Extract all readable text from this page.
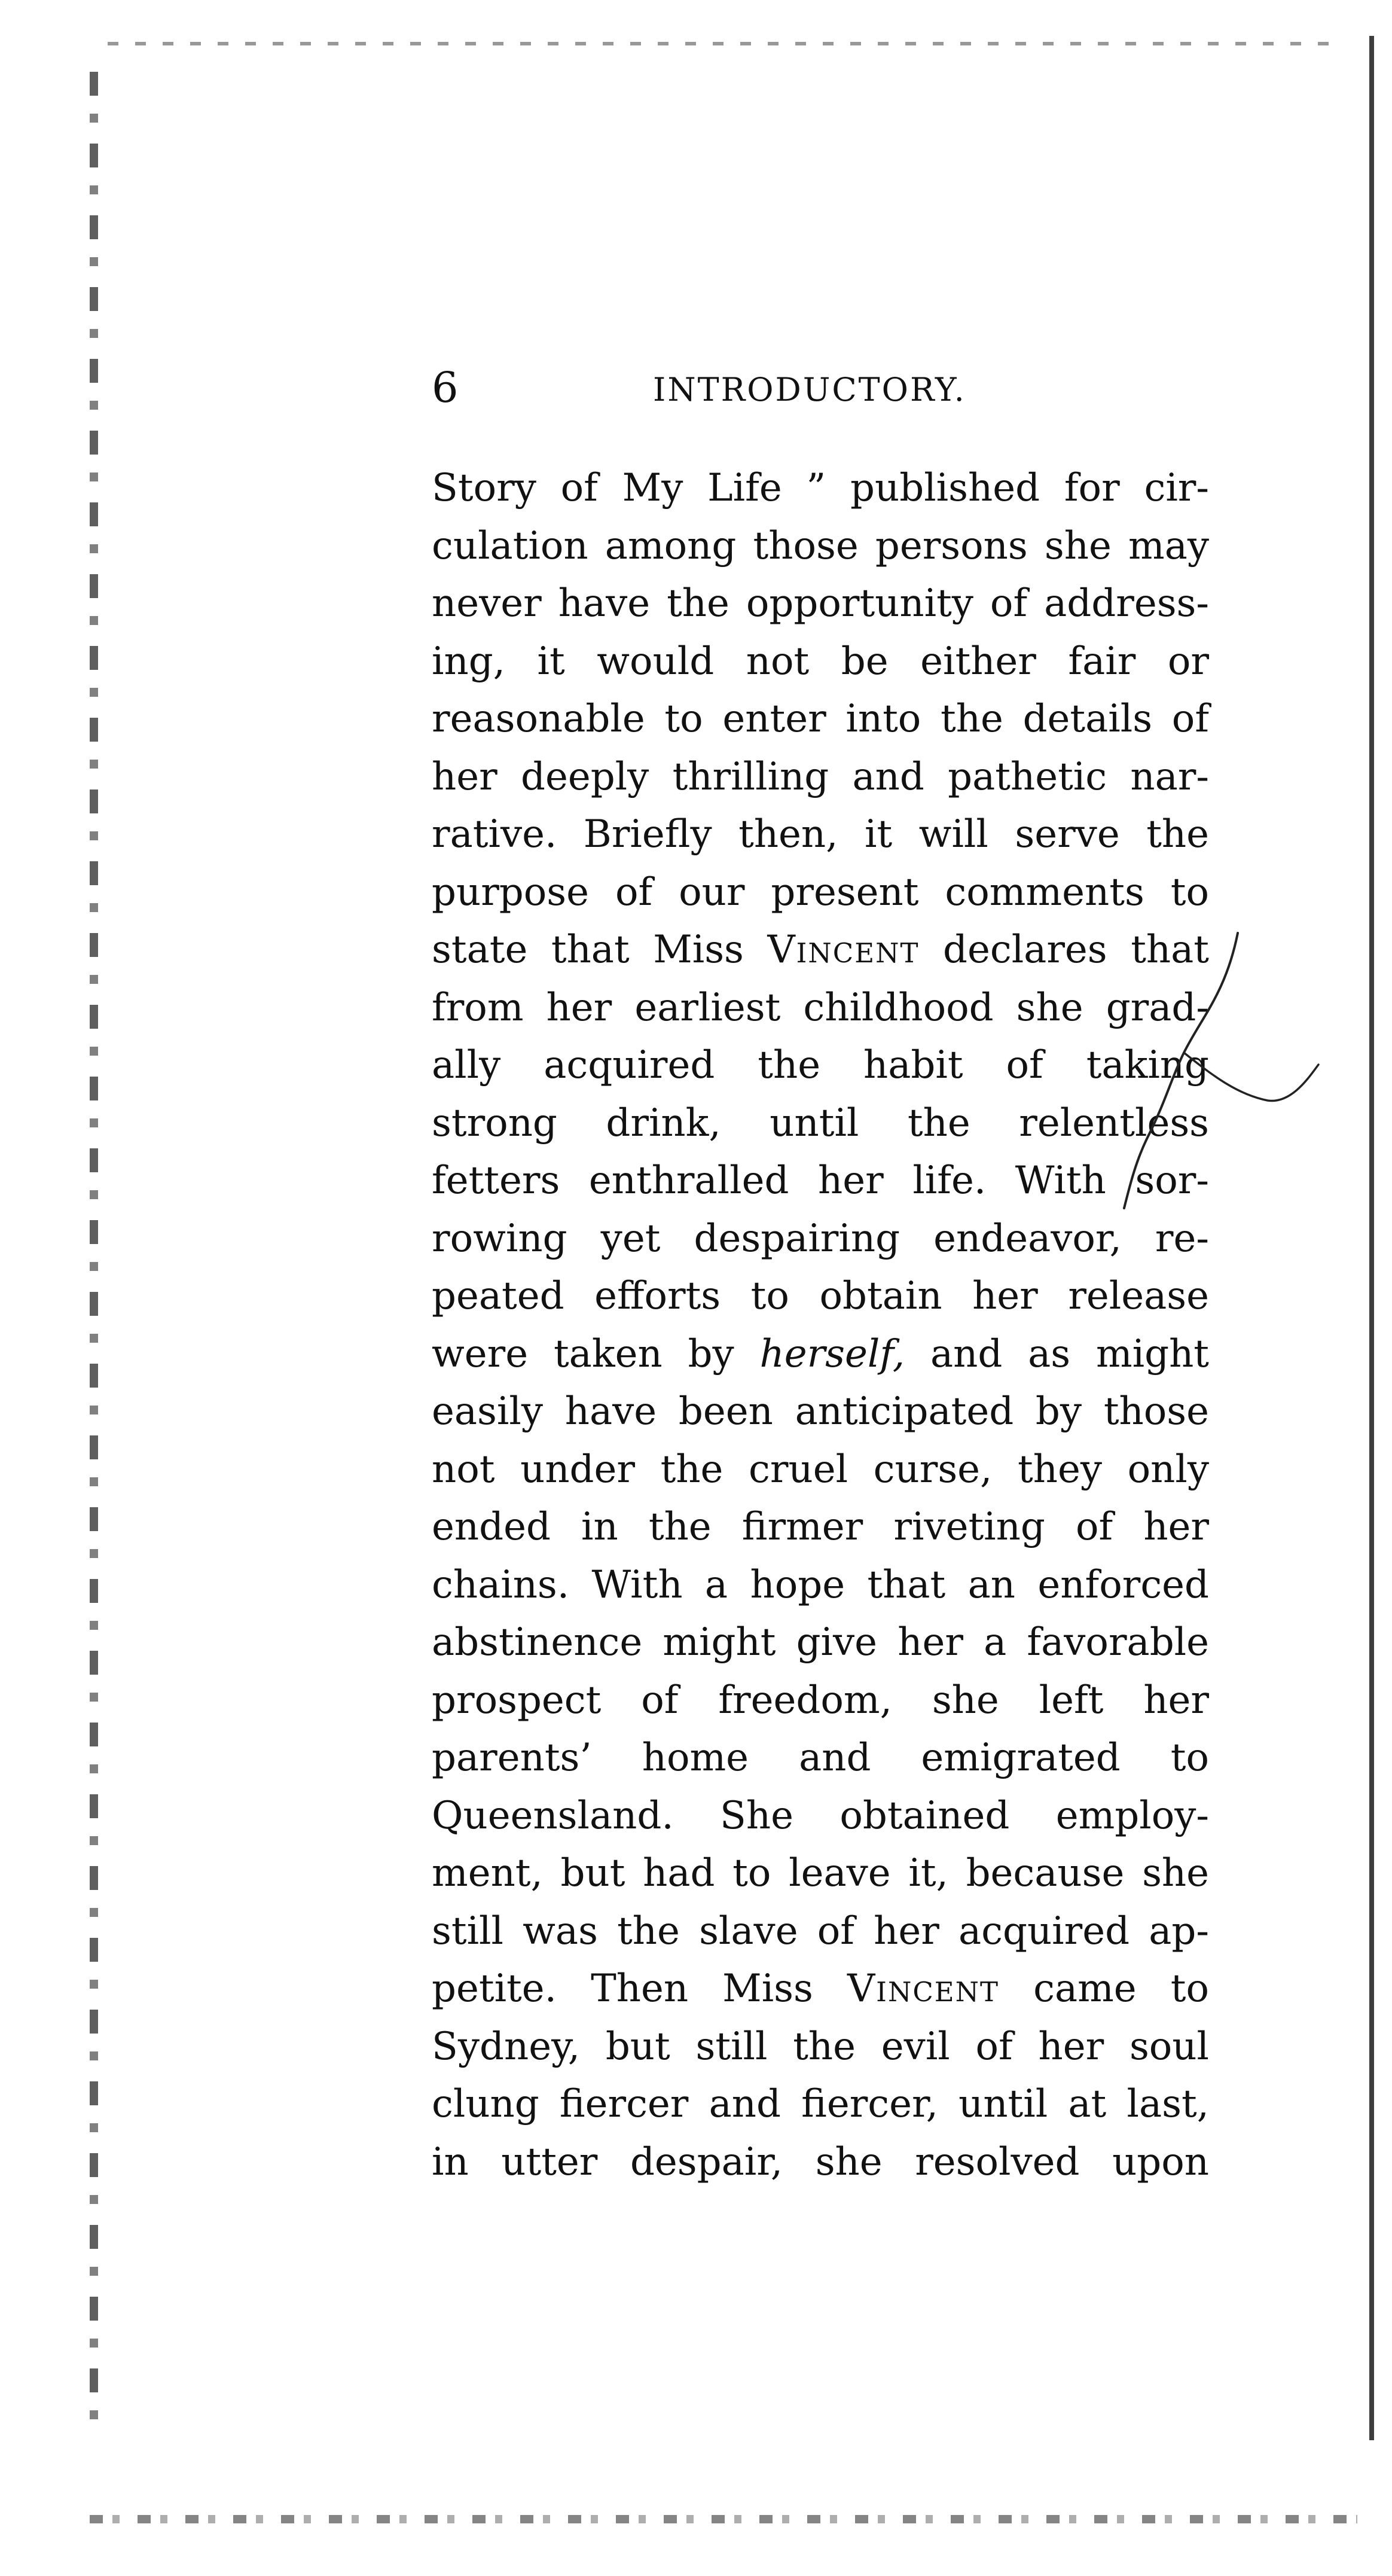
6	INTRODUCTORY.
Story of My Life ” published for cir-
culation among those persons she may
never have the opportunity of address-
ing, it would not be either fair or
reasonable to enter into the details of
her deeply thrilling and pathetic nar-
rative. Briefly then, it will serve the
purpose of our present comments to
state that Miss Vincent declares that
from her earliest childhood she grad-
ally acquired the habit of taking
strong drink, until the relentless
fetters enthralled her life. With sor-
rowing yet despairing endeavor, re-
peated efforts to obtain her release
were taken by herself, and as might
easily have been anticipated by those
not under the cruel curse, they only
ended in the firmer riveting of her
chains. With a hope that an enforced
abstinence might give her a favorable
prospect of freedom, she left her
parents’ home and emigrated to
Queensland. She obtained employ-
ment, but had to leave it, because she
still was the slave of her acquired ap-
petite. Then Miss Vincent came to
Sydney, but still the evil of her soul
clung fiercer and fiercer, until at last,
in utter despair, she resolved upon
